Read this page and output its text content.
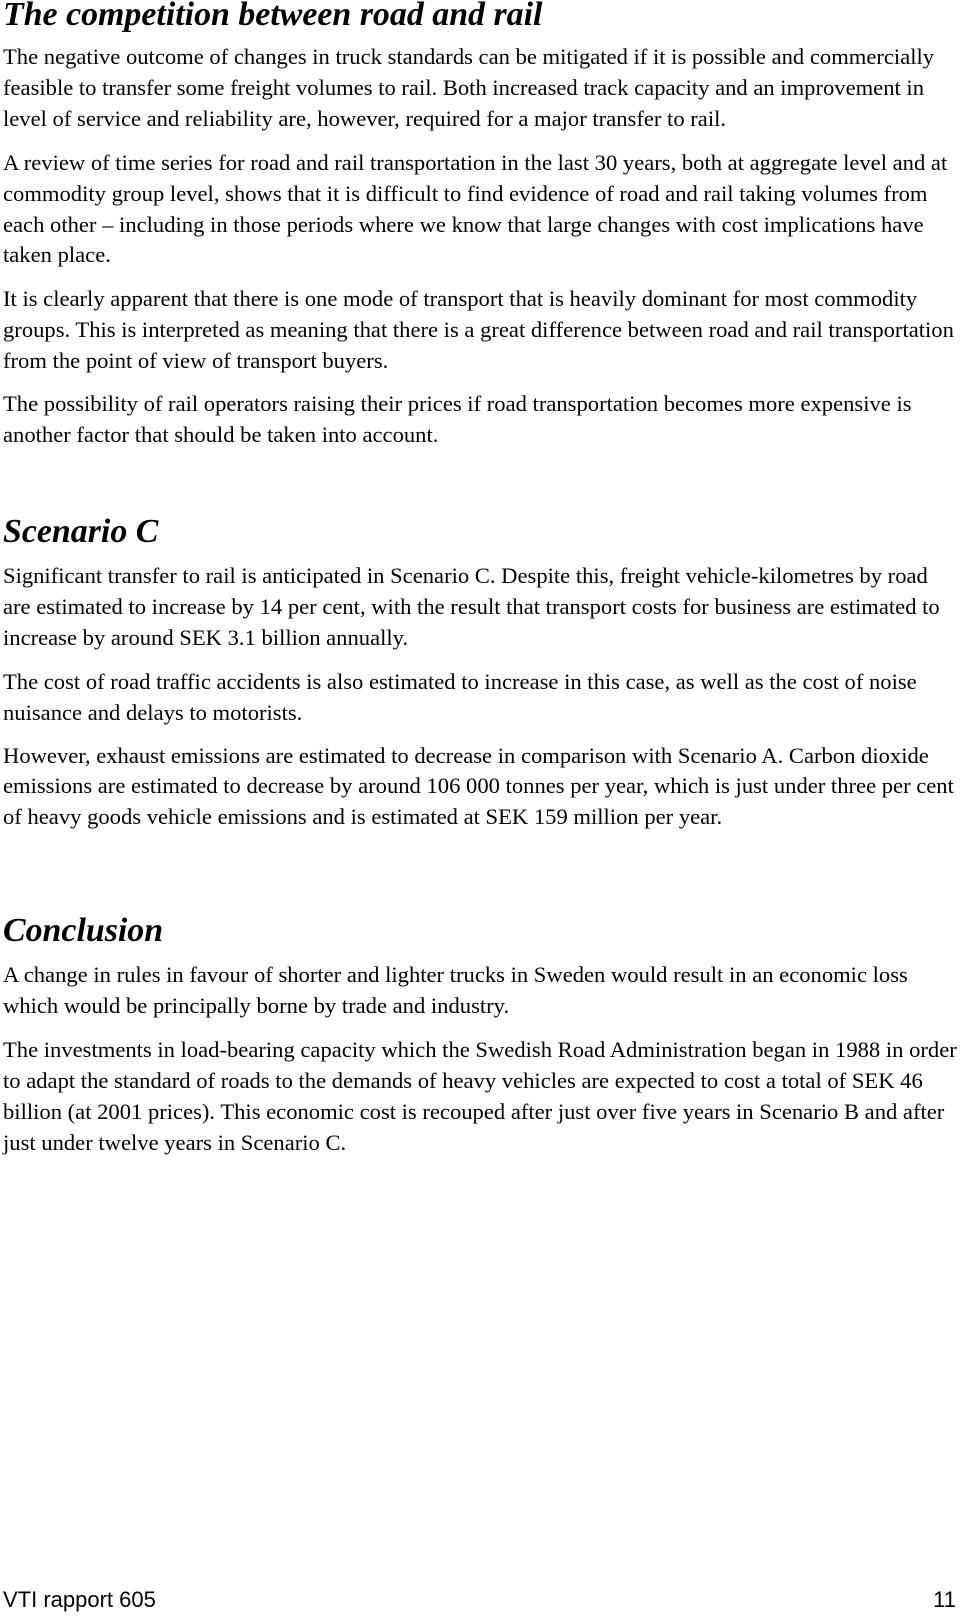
The competition between road and rail

The negative outcome of changes in truck standards can be mitigated if it is possible and commercially feasible to transfer some freight volumes to rail. Both increased track capacity and an improvement in level of service and reliability are, however, required for a major transfer to rail.

A review of time series for road and rail transportation in the last 30 years, both at aggregate level and at commodity group level, shows that it is difficult to find evidence of road and rail taking volumes from each other – including in those periods where we know that large changes with cost implications have taken place.

It is clearly apparent that there is one mode of transport that is heavily dominant for most commodity groups. This is interpreted as meaning that there is a great difference between road and rail transportation from the point of view of transport buyers.

The possibility of rail operators raising their prices if road transportation becomes more expensive is another factor that should be taken into account.

Scenario C

Significant transfer to rail is anticipated in Scenario C. Despite this, freight vehicle-kilometres by road are estimated to increase by 14 per cent, with the result that transport costs for business are estimated to increase by around SEK 3.1 billion annually.

The cost of road traffic accidents is also estimated to increase in this case, as well as the cost of noise nuisance and delays to motorists.

However, exhaust emissions are estimated to decrease in comparison with Scenario A. Carbon dioxide emissions are estimated to decrease by around 106 000 tonnes per year, which is just under three per cent of heavy goods vehicle emissions and is estimated at SEK 159 million per year.

Conclusion

A change in rules in favour of shorter and lighter trucks in Sweden would result in an economic loss which would be principally borne by trade and industry.

The investments in load-bearing capacity which the Swedish Road Administration began in 1988 in order to adapt the standard of roads to the demands of heavy vehicles are expected to cost a total of SEK 46 billion (at 2001 prices). This economic cost is recouped after just over five years in Scenario B and after just under twelve years in Scenario C.

VTI rapport 605	11
